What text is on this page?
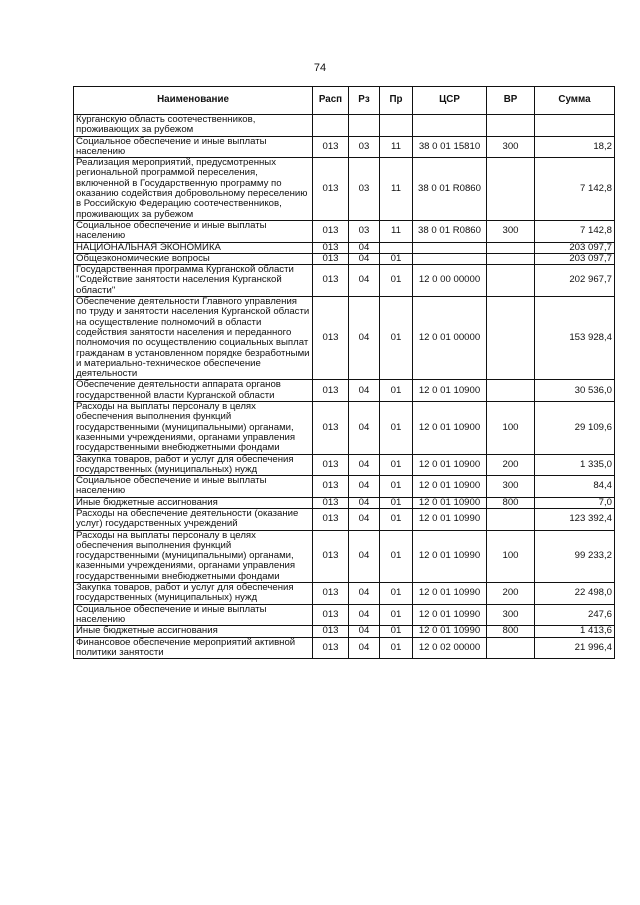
74
Наименование	Расп	Рз	Пр	ЦСР	ВР	Сумма
Курганскую область соотечественников, проживающих за рубежом						
Социальное обеспечение и иные выплаты населению	013	03	11	38 0 01 15810	300	18,2
Реализация мероприятий, предусмотренных региональной программой переселения, включенной в Государственную программу по оказанию содействия добровольному переселению в Российскую Федерацию соотечественников, проживающих за рубежом	013	03	11	38 0 01 R0860		7 142,8
Социальное обеспечение и иные выплаты населению	013	03	11	38 0 01 R0860	300	7 142,8
НАЦИОНАЛЬНАЯ ЭКОНОМИКА	013	04				203 097,7
Общеэкономические вопросы	013	04	01			203 097,7
Государственная программа Курганской области "Содействие занятости населения Курганской области"	013	04	01	12 0 00 00000		202 967,7
Обеспечение деятельности Главного управления по труду и занятости населения Курганской области на осуществление полномочий в области содействия занятости населения и переданного полномочия по осуществлению социальных выплат гражданам в установленном порядке безработными и материально-техническое обеспечение деятельности	013	04	01	12 0 01 00000		153 928,4
Обеспечение деятельности аппарата органов государственной власти Курганской области	013	04	01	12 0 01 10900		30 536,0
Расходы на выплаты персоналу в целях обеспечения выполнения функций государственными (муниципальными) органами, казенными учреждениями, органами управления государственными внебюджетными фондами	013	04	01	12 0 01 10900	100	29 109,6
Закупка товаров, работ и услуг для обеспечения государственных (муниципальных) нужд	013	04	01	12 0 01 10900	200	1 335,0
Социальное обеспечение и иные выплаты населению	013	04	01	12 0 01 10900	300	84,4
Иные бюджетные ассигнования	013	04	01	12 0 01 10900	800	7,0
Расходы на обеспечение деятельности (оказание услуг) государственных учреждений	013	04	01	12 0 01 10990		123 392,4
Расходы на выплаты персоналу в целях обеспечения выполнения функций государственными (муниципальными) органами, казенными учреждениями, органами управления государственными внебюджетными фондами	013	04	01	12 0 01 10990	100	99 233,2
Закупка товаров, работ и услуг для обеспечения государственных (муниципальных) нужд	013	04	01	12 0 01 10990	200	22 498,0
Социальное обеспечение и иные выплаты населению	013	04	01	12 0 01 10990	300	247,6
Иные бюджетные ассигнования	013	04	01	12 0 01 10990	800	1 413,6
Финансовое обеспечение мероприятий активной политики занятости	013	04	01	12 0 02 00000		21 996,4
